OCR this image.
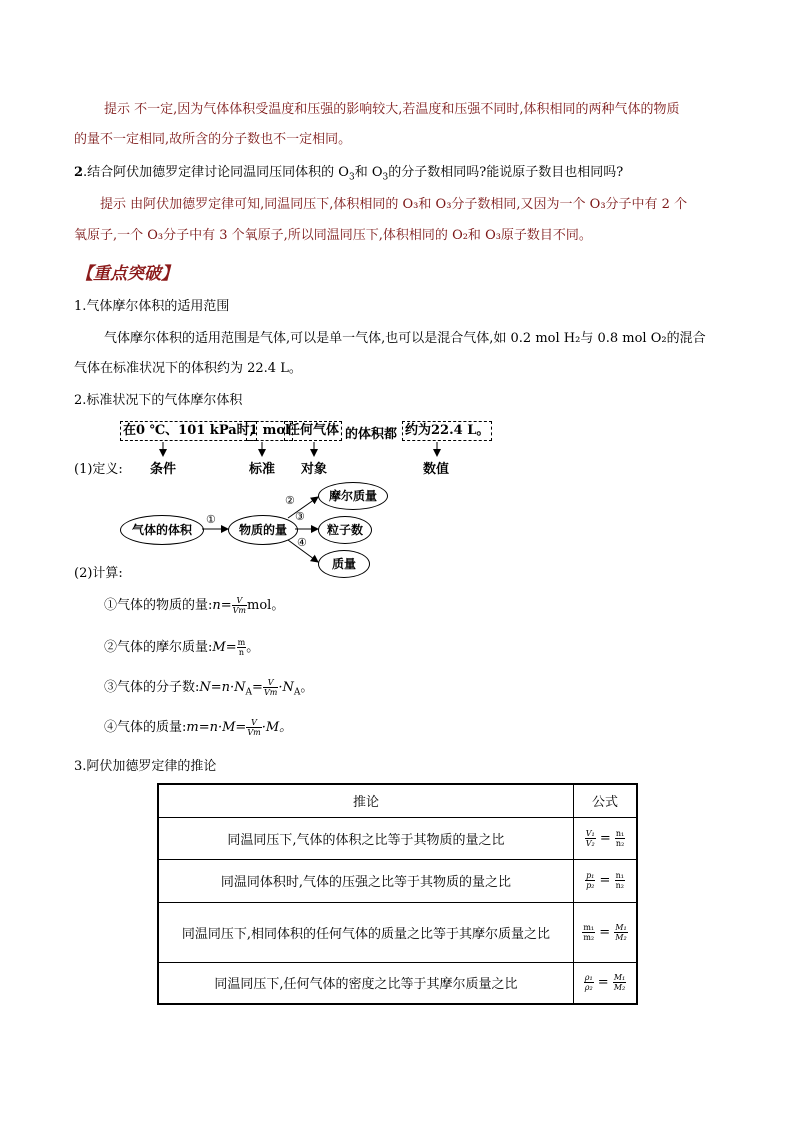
提示 不一定,因为气体体积受温度和压强的影响较大,若温度和压强不同时,体积相同的两种气体的物质
的量不一定相同,故所含的分子数也不一定相同。
2.结合阿伏加德罗定律讨论同温同压同体积的 $O_3$和 $O_3$的分子数相同吗?能说原子数目也相同吗?
提示 由阿伏加德罗定律可知,同温同压下,体积相同的 O₃和 O₃分子数相同,又因为一个 O₃分子中有 2 个
氧原子,一个 O₃分子中有 3 个氧原子,所以同温同压下,体积相同的 O₂和 O₃原子数目不同。
【重点突破】
1.气体摩尔体积的适用范围
气体摩尔体积的适用范围是气体,可以是单一气体,也可以是混合气体,如 0.2 mol H₂与 0.8 mol O₂的混合
气体在标准状况下的体积约为 22.4 L。
2.标准状况下的气体摩尔体积
在0 ℃、101 kPa时,
1 mol
任何气体 的体积都 约为22.4 L。
(1)定义: 条件	标准 对象	数值
气体的体积	物质的量
摩尔质量
粒子数
质量
①
②
③
④
(2)计算:
①气体的物质的量:n= $\frac{V}{Vm}$ mol。
②气体的摩尔质量:M= $\frac{m}{n}$ 。
③气体的分子数$:N=n\cdot N_A= \frac{V}{Vm} \cdot N_A$。
④气体的质量:m=n·M= $\frac{V}{Vm} \cdot M$。
3.阿伏加德罗定律的推论
推论	公式
同温同压下,气体的体积之比等于其物质的量之比	$\frac{\text{V₁}}{\text{V₂}} = \frac{\text{n₁}}{\text{n₂}}$

同温同体积时,气体的压强之比等于其物质的量之比	$\frac{\text{p₁}}{\text{p₂}} = \frac{\text{n₁}}{\text{n₂}}$

同温同压下,相同体积的任何气体的质量之比等于其摩尔质量之比	$\frac{\text{m₁}}{\text{m₂}} = \frac{\text{M₁}}{\text{M₂}}$

同温同压下,任何气体的密度之比等于其摩尔质量之比	$\frac{\text{ρ₁}}{\text{ρ₂}} = \frac{\text{M₁}}{\text{M₂}}$
